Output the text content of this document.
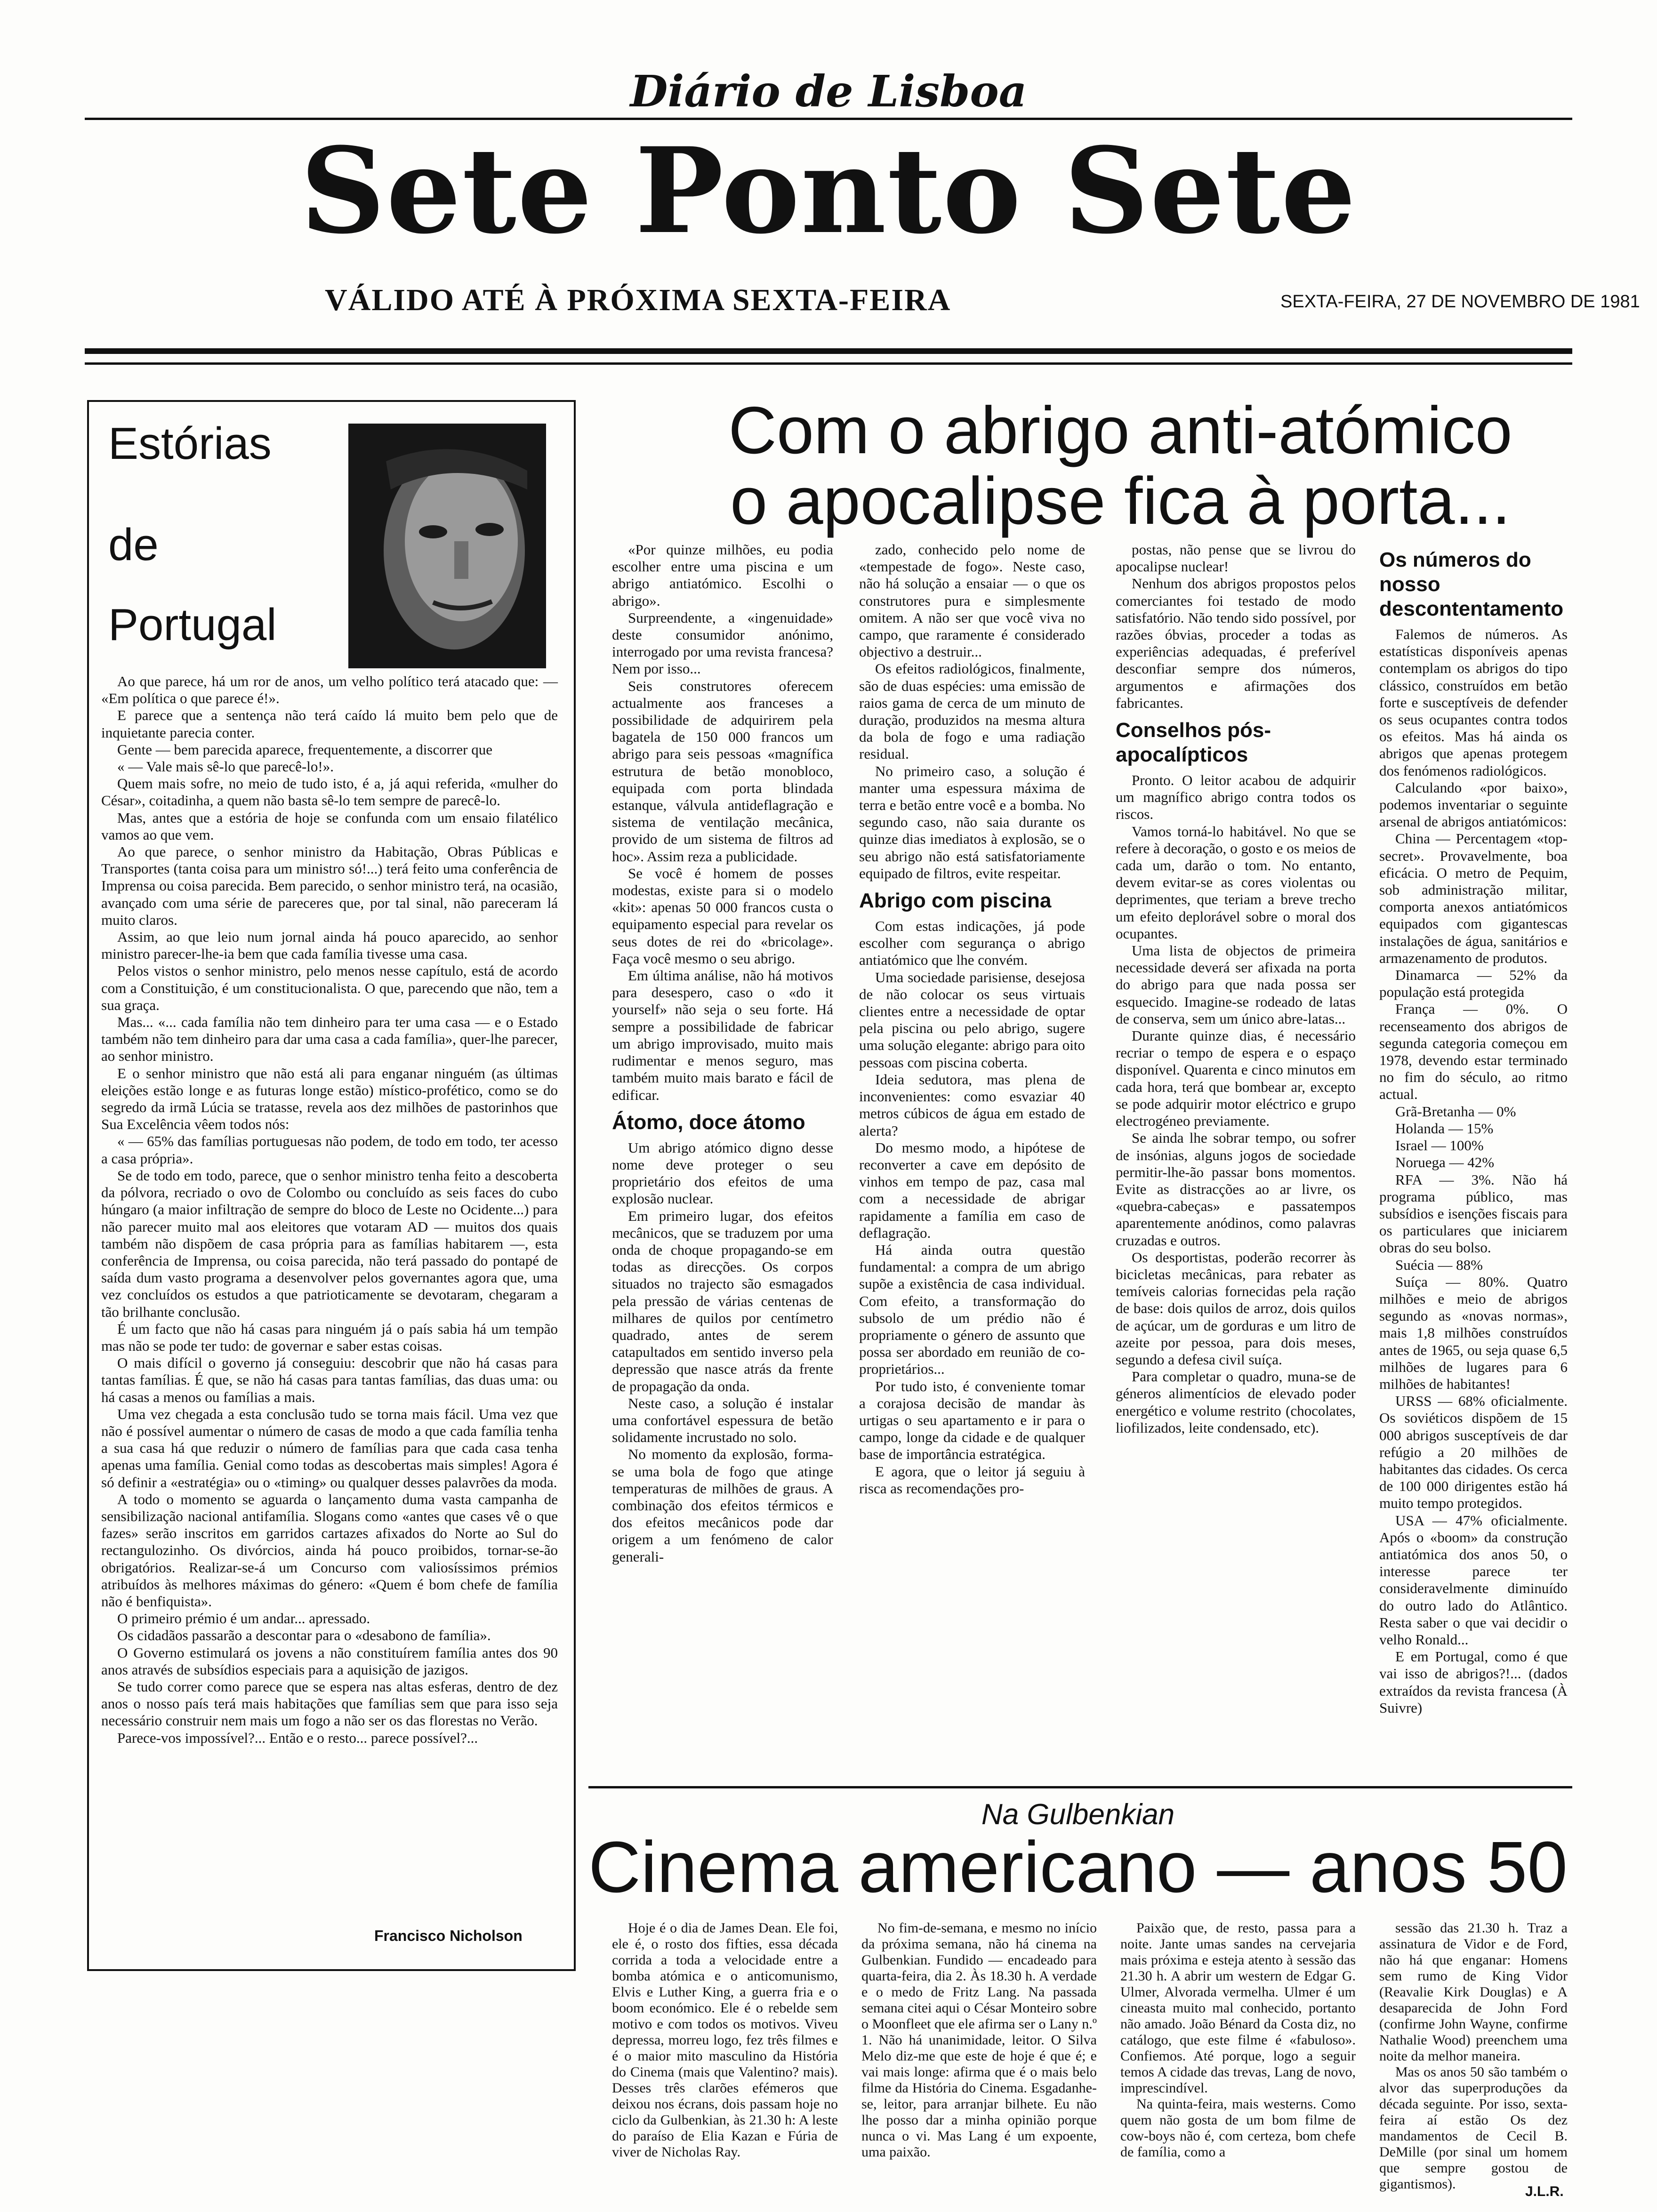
Diário de Lisboa
Sete Ponto Sete
VÁLIDO ATÉ À PRÓXIMA SEXTA-FEIRA	SEXTA-FEIRA, 27 DE NOVEMBRO DE 1981
Estórias
de
Portugal

Ao que parece, há um ror de anos, um velho político terá atacado que: — «Em política o que parece é!».

E parece que a sentença não terá caído lá muito bem pelo que de inquietante parecia conter.

Gente — bem parecida aparece, frequentemente, a discorrer que

« — Vale mais sê-lo que parecê-lo!».

Quem mais sofre, no meio de tudo isto, é a, já aqui referida, «mulher do César», coitadinha, a quem não basta sê-lo tem sempre de parecê-lo.

Mas, antes que a estória de hoje se confunda com um ensaio filatélico vamos ao que vem.

Ao que parece, o senhor ministro da Habitação, Obras Públicas e Transportes (tanta coisa para um ministro só!...) terá feito uma conferência de Imprensa ou coisa parecida. Bem parecido, o senhor ministro terá, na ocasião, avançado com uma série de pareceres que, por tal sinal, não pareceram lá muito claros.

Assim, ao que leio num jornal ainda há pouco aparecido, ao senhor ministro parecer-lhe-ia bem que cada família tivesse uma casa.

Pelos vistos o senhor ministro, pelo menos nesse capítulo, está de acordo com a Constituição, é um constitucionalista. O que, parecendo que não, tem a sua graça.

Mas... «... cada família não tem dinheiro para ter uma casa — e o Estado também não tem dinheiro para dar uma casa a cada família», quer-lhe parecer, ao senhor ministro.

E o senhor ministro que não está ali para enganar ninguém (as últimas eleições estão longe e as futuras longe estão) místico-profético, como se do segredo da irmã Lúcia se tratasse, revela aos dez milhões de pastorinhos que Sua Excelência vêem todos nós:

« — 65% das famílias portuguesas não podem, de todo em todo, ter acesso a casa própria».

Se de todo em todo, parece, que o senhor ministro tenha feito a descoberta da pólvora, recriado o ovo de Colombo ou concluído as seis faces do cubo húngaro (a maior infiltração de sempre do bloco de Leste no Ocidente...) para não parecer muito mal aos eleitores que votaram AD — muitos dos quais também não dispõem de casa própria para as famílias habitarem —, esta conferência de Imprensa, ou coisa parecida, não terá passado do pontapé de saída dum vasto programa a desenvolver pelos governantes agora que, uma vez concluídos os estudos a que patrioticamente se devotaram, chegaram a tão brilhante conclusão.

É um facto que não há casas para ninguém já o país sabia há um tempão mas não se pode ter tudo: de governar e saber estas coisas.

O mais difícil o governo já conseguiu: descobrir que não há casas para tantas famílias. É que, se não há casas para tantas famílias, das duas uma: ou há casas a menos ou famílias a mais.

Uma vez chegada a esta conclusão tudo se torna mais fácil. Uma vez que não é possível aumentar o número de casas de modo a que cada família tenha a sua casa há que reduzir o número de famílias para que cada casa tenha apenas uma família. Genial como todas as descobertas mais simples! Agora é só definir a «estratégia» ou o «timing» ou qualquer desses palavrões da moda.

A todo o momento se aguarda o lançamento duma vasta campanha de sensibilização nacional antifamília. Slogans como «antes que cases vê o que fazes» serão inscritos em garridos cartazes afixados do Norte ao Sul do rectangulozinho. Os divórcios, ainda há pouco proibidos, tornar-se-ão obrigatórios. Realizar-se-á um Concurso com valiosíssimos prémios atribuídos às melhores máximas do género: «Quem é bom chefe de família não é benfiquista».

O primeiro prémio é um andar... apressado.

Os cidadãos passarão a descontar para o «desabono de família».

O Governo estimulará os jovens a não constituírem família antes dos 90 anos através de subsídios especiais para a aquisição de jazigos.

Se tudo correr como parece que se espera nas altas esferas, dentro de dez anos o nosso país terá mais habitações que famílias sem que para isso seja necessário construir nem mais um fogo a não ser os das florestas no Verão.

Parece-vos impossível?... Então e o resto... parece possível?...

Francisco Nicholson
Com o abrigo anti-atómico
o apocalipse fica à porta...

«Por quinze milhões, eu podia escolher entre uma piscina e um abrigo antiatómico. Escolhi o abrigo».

Surpreendente, a «ingenuidade» deste consumidor anónimo, interrogado por uma revista francesa? Nem por isso...

Seis construtores oferecem actualmente aos franceses a possibilidade de adquirirem pela bagatela de 150 000 francos um abrigo para seis pessoas «magnífica estrutura de betão monobloco, equipada com porta blindada estanque, válvula antideflagração e sistema de ventilação mecânica, provido de um sistema de filtros ad hoc». Assim reza a publicidade.

Se você é homem de posses modestas, existe para si o modelo «kit»: apenas 50 000 francos custa o equipamento especial para revelar os seus dotes de rei do «bricolage». Faça você mesmo o seu abrigo.

Em última análise, não há motivos para desespero, caso o «do it yourself» não seja o seu forte. Há sempre a possibilidade de fabricar um abrigo improvisado, muito mais rudimentar e menos seguro, mas também muito mais barato e fácil de edificar.

Átomo, doce átomo

Um abrigo atómico digno desse nome deve proteger o seu proprietário dos efeitos de uma explosão nuclear.

Em primeiro lugar, dos efeitos mecânicos, que se traduzem por uma onda de choque propagando-se em todas as direcções. Os corpos situados no trajecto são esmagados pela pressão de várias centenas de milhares de quilos por centímetro quadrado, antes de serem catapultados em sentido inverso pela depressão que nasce atrás da frente de propagação da onda.

Neste caso, a solução é instalar uma confortável espessura de betão solidamente incrustado no solo.

No momento da explosão, forma-se uma bola de fogo que atinge temperaturas de milhões de graus. A combinação dos efeitos térmicos e dos efeitos mecânicos pode dar origem a um fenómeno de calor generali-

zado, conhecido pelo nome de «tempestade de fogo». Neste caso, não há solução a ensaiar — o que os construtores pura e simplesmente omitem. A não ser que você viva no campo, que raramente é considerado objectivo a destruir...

Os efeitos radiológicos, finalmente, são de duas espécies: uma emissão de raios gama de cerca de um minuto de duração, produzidos na mesma altura da bola de fogo e uma radiação residual.

No primeiro caso, a solução é manter uma espessura máxima de terra e betão entre você e a bomba. No segundo caso, não saia durante os quinze dias imediatos à explosão, se o seu abrigo não está satisfatoriamente equipado de filtros, evite respeitar.

Abrigo com piscina

Com estas indicações, já pode escolher com segurança o abrigo antiatómico que lhe convém.

Uma sociedade parisiense, desejosa de não colocar os seus virtuais clientes entre a necessidade de optar pela piscina ou pelo abrigo, sugere uma solução elegante: abrigo para oito pessoas com piscina coberta.

Ideia sedutora, mas plena de inconvenientes: como esvaziar 40 metros cúbicos de água em estado de alerta?

Do mesmo modo, a hipótese de reconverter a cave em depósito de vinhos em tempo de paz, casa mal com a necessidade de abrigar rapidamente a família em caso de deflagração.

Há ainda outra questão fundamental: a compra de um abrigo supõe a existência de casa individual. Com efeito, a transformação do subsolo de um prédio não é propriamente o género de assunto que possa ser abordado em reunião de co-proprietários...

Por tudo isto, é conveniente tomar a corajosa decisão de mandar às urtigas o seu apartamento e ir para o campo, longe da cidade e de qualquer base de importância estratégica.

E agora, que o leitor já seguiu à risca as recomendações pro-

postas, não pense que se livrou do apocalipse nuclear!

Nenhum dos abrigos propostos pelos comerciantes foi testado de modo satisfatório. Não tendo sido possível, por razões óbvias, proceder a todas as experiências adequadas, é preferível desconfiar sempre dos números, argumentos e afirmações dos fabricantes.

Conselhos pós-apocalípticos

Pronto. O leitor acabou de adquirir um magnífico abrigo contra todos os riscos.

Vamos torná-lo habitável. No que se refere à decoração, o gosto e os meios de cada um, darão o tom. No entanto, devem evitar-se as cores violentas ou deprimentes, que teriam a breve trecho um efeito deplorável sobre o moral dos ocupantes.

Uma lista de objectos de primeira necessidade deverá ser afixada na porta do abrigo para que nada possa ser esquecido. Imagine-se rodeado de latas de conserva, sem um único abre-latas...

Durante quinze dias, é necessário recriar o tempo de espera e o espaço disponível. Quarenta e cinco minutos em cada hora, terá que bombear ar, excepto se pode adquirir motor eléctrico e grupo electrogéneo previamente.

Se ainda lhe sobrar tempo, ou sofrer de insónias, alguns jogos de sociedade permitir-lhe-ão passar bons momentos. Evite as distracções ao ar livre, os «quebra-cabeças» e passatempos aparentemente anódinos, como palavras cruzadas e outros.

Os desportistas, poderão recorrer às bicicletas mecânicas, para rebater as temíveis calorias fornecidas pela ração de base: dois quilos de arroz, dois quilos de açúcar, um de gorduras e um litro de azeite por pessoa, para dois meses, segundo a defesa civil suíça.

Para completar o quadro, muna-se de géneros alimentícios de elevado poder energético e volume restrito (chocolates, liofilizados, leite condensado, etc).

Os números do nosso descontentamento

Falemos de números. As estatísticas disponíveis apenas contemplam os abrigos do tipo clássico, construídos em betão forte e susceptíveis de defender os seus ocupantes contra todos os efeitos. Mas há ainda os abrigos que apenas protegem dos fenómenos radiológicos.

Calculando «por baixo», podemos inventariar o seguinte arsenal de abrigos antiatómicos:

China — Percentagem «top-secret». Provavelmente, boa eficácia. O metro de Pequim, sob administração militar, comporta anexos antiatómicos equipados com gigantescas instalações de água, sanitários e armazenamento de produtos.

Dinamarca — 52% da população está protegida

França — 0%. O recenseamento dos abrigos de segunda categoria começou em 1978, devendo estar terminado no fim do século, ao ritmo actual.

Grã-Bretanha — 0%

Holanda — 15%

Israel — 100%

Noruega — 42%

RFA — 3%. Não há programa público, mas subsídios e isenções fiscais para os particulares que iniciarem obras do seu bolso.

Suécia — 88%

Suíça — 80%. Quatro milhões e meio de abrigos segundo as «novas normas», mais 1,8 milhões construídos antes de 1965, ou seja quase 6,5 milhões de lugares para 6 milhões de habitantes!

URSS — 68% oficialmente. Os soviéticos dispõem de 15 000 abrigos susceptíveis de dar refúgio a 20 milhões de habitantes das cidades. Os cerca de 100 000 dirigentes estão há muito tempo protegidos.

USA — 47% oficialmente. Após o «boom» da construção antiatómica dos anos 50, o interesse parece ter consideravelmente diminuído do outro lado do Atlântico. Resta saber o que vai decidir o velho Ronald...

E em Portugal, como é que vai isso de abrigos?!... (dados extraídos da revista francesa (À Suivre)

Na Gulbenkian
Cinema americano — anos 50

Hoje é o dia de James Dean. Ele foi, ele é, o rosto dos fifties, essa década corrida a toda a velocidade entre a bomba atómica e o anticomunismo, Elvis e Luther King, a guerra fria e o boom económico. Ele é o rebelde sem motivo e com todos os motivos. Viveu depressa, morreu logo, fez três filmes e é o maior mito masculino da História do Cinema (mais que Valentino? mais). Desses três clarões efémeros que deixou nos écrans, dois passam hoje no ciclo da Gulbenkian, às 21.30 h: A leste do paraíso de Elia Kazan e Fúria de viver de Nicholas Ray.

No fim-de-semana, e mesmo no início da próxima semana, não há cinema na Gulbenkian. Fundido — encadeado para quarta-feira, dia 2. Às 18.30 h. A verdade e o medo de Fritz Lang. Na passada semana citei aqui o César Monteiro sobre o Moonfleet que ele afirma ser o Lany n.º 1. Não há unanimidade, leitor. O Silva Melo diz-me que este de hoje é que é; e vai mais longe: afirma que é o mais belo filme da História do Cinema. Esgadanhe-se, leitor, para arranjar bilhete. Eu não lhe posso dar a minha opinião porque nunca o vi. Mas Lang é um expoente, uma paixão.

Paixão que, de resto, passa para a noite. Jante umas sandes na cervejaria mais próxima e esteja atento à sessão das 21.30 h. A abrir um western de Edgar G. Ulmer, Alvorada vermelha. Ulmer é um cineasta muito mal conhecido, portanto não amado. João Bénard da Costa diz, no catálogo, que este filme é «fabuloso». Confiemos. Até porque, logo a seguir temos A cidade das trevas, Lang de novo, imprescindível.

Na quinta-feira, mais westerns. Como quem não gosta de um bom filme de cow-boys não é, com certeza, bom chefe de família, como a

sessão das 21.30 h. Traz a assinatura de Vidor e de Ford, não há que enganar: Homens sem rumo de King Vidor (Reavalie Kirk Douglas) e A desaparecida de John Ford (confirme John Wayne, confirme Nathalie Wood) preenchem uma noite da melhor maneira.

Mas os anos 50 são também o alvor das superproduções da década seguinte. Por isso, sexta-feira aí estão Os dez mandamentos de Cecil B. DeMille (por sinal um homem que sempre gostou de gigantismos).	J.L.R.
